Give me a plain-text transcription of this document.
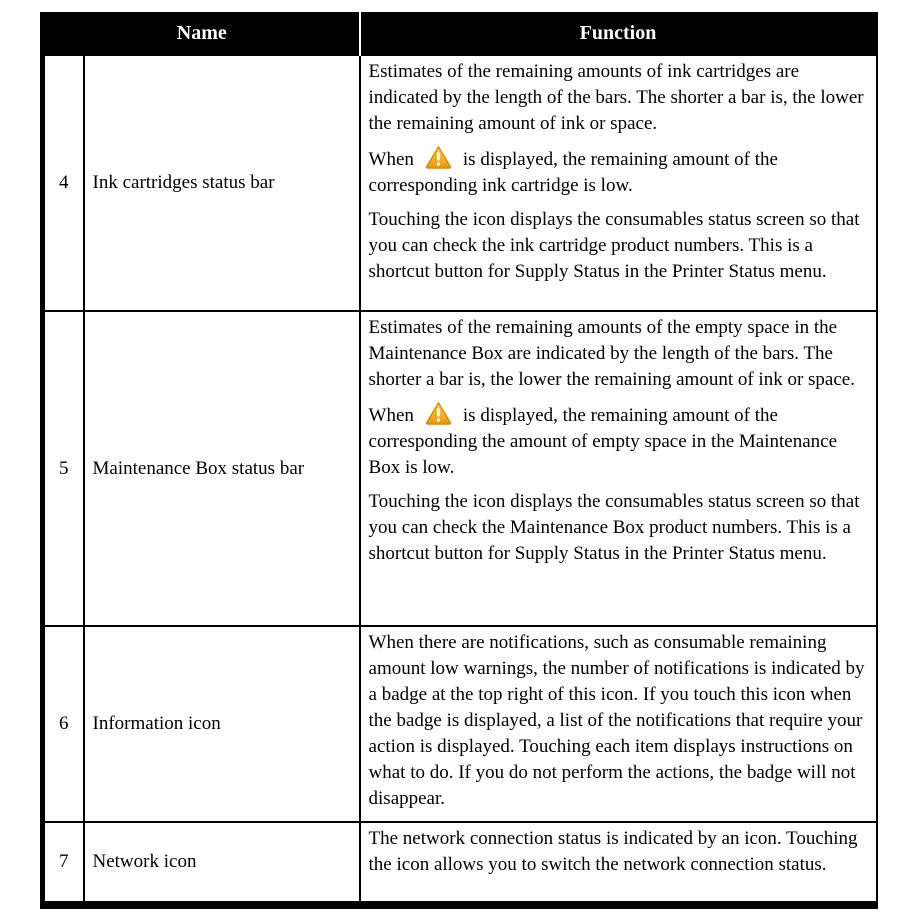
Name		Function
4	Ink cartridges status bar	Estimates of the remaining amounts of ink cartridges are indicated by the length of the bars. The shorter a bar is, the lower the remaining amount of ink or space.

When is displayed, the remaining amount of the corresponding ink cartridge is low.

Touching the icon displays the consumables status screen so that you can check the ink cartridge product numbers. This is a shortcut button for Supply Status in the Printer Status menu.

5	Maintenance Box status bar	Estimates of the remaining amounts of the empty space in the Maintenance Box are indicated by the length of the bars. The shorter a bar is, the lower the remaining amount of ink or space.

When is displayed, the remaining amount of the corresponding the amount of empty space in the Maintenance Box is low.

Touching the icon displays the consumables status screen so that you can check the Maintenance Box product numbers. This is a shortcut button for Supply Status in the Printer Status menu.

6	Information icon	When there are notifications, such as consumable remaining amount low warnings, the number of notifications is indicated by a badge at the top right of this icon. If you touch this icon when the badge is displayed, a list of the notifications that require your action is displayed. Touching each item displays instructions on what to do. If you do not perform the actions, the badge will not disappear.

7	Network icon	The network connection status is indicated by an icon. Touching the icon allows you to switch the network connection status.
